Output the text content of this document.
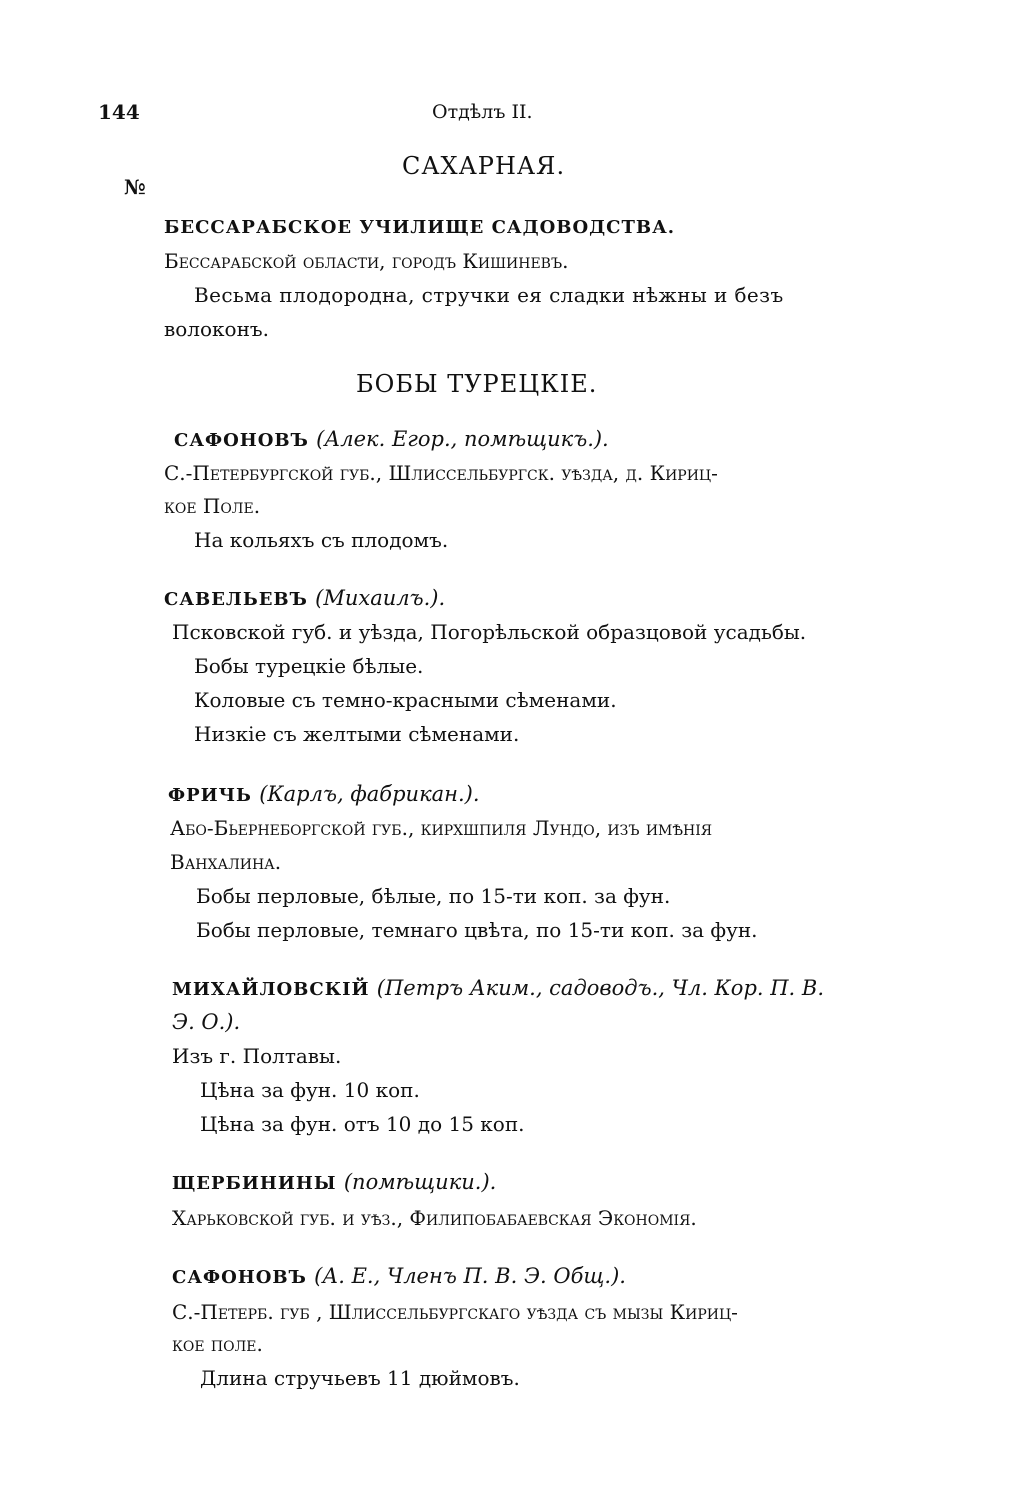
144	Отдѣлъ II.
САХАРНАЯ.
№
БЕССАРАБСКОЕ УЧИЛИЩЕ САДОВОДСТВА.
Бессарабской области, городъ Кишиневъ.
Весьма плодородна, стручки ея сладки нѣжны и безъ
волоконъ.
БОБЫ ТУРЕЦКІЕ.
САФОНОВЪ (Алек. Егор., помѣщикъ.).
С.-Петербургской губ., Шлиссельбургск. уѣзда, д. Кириц-
кое Поле.
На кольяхъ съ плодомъ.
САВЕЛЬЕВЪ (Михаилъ.).
Псковской губ. и уѣзда, Погорѣльской образцовой усадьбы.
Бобы турецкіе бѣлые.
Коловые съ темно-красными сѣменами.
Низкіе съ желтыми сѣменами.
ФРИЧЬ (Карлъ, фабрикан.).
Або-Бьернеборгской губ., кирхшпиля Лундо, изъ имѣнія
Ванхалина.
Бобы перловые, бѣлые, по 15-ти коп. за фун.
Бобы перловые, темнаго цвѣта, по 15-ти коп. за фун.
МИХАЙЛОВСКІЙ (Петръ Аким., садоводъ., Чл. Кор. П. В.
Э. О.).
Изъ г. Полтавы.
Цѣна за фун. 10 коп.
Цѣна за фун. отъ 10 до 15 коп.
ЩЕРБИНИНЫ (помѣщики.).
Харьковской губ. и уѣз., Филипобабаевская Экономія.
САФОНОВЪ (А. Е., Членъ П. В. Э. Общ.).
С.-Петерб. губ , Шлиссельбургскаго уѣзда съ мызы Кириц-
кое поле.
Длина стручьевъ 11 дюймовъ.
